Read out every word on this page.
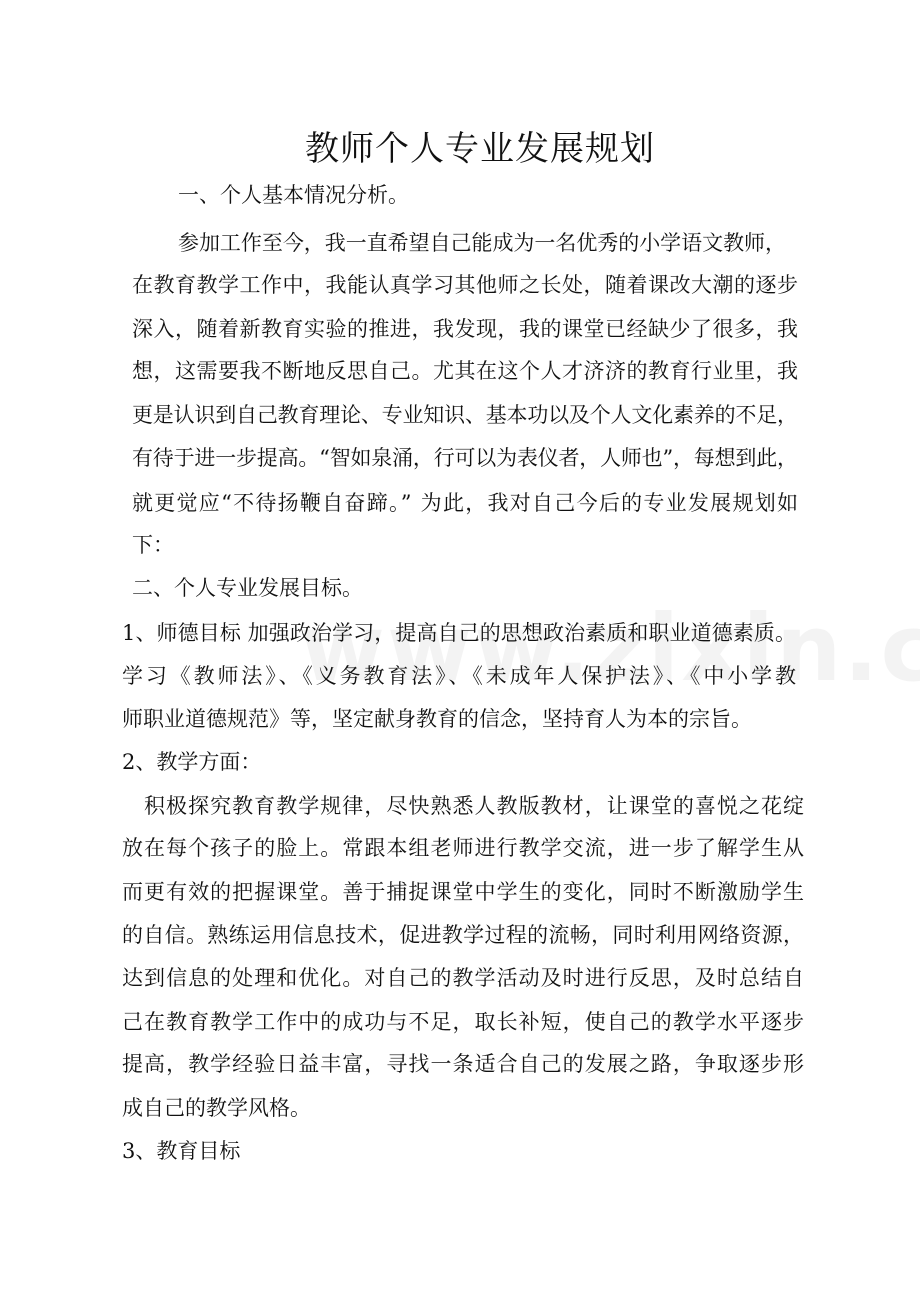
教师个人专业发展规划
一、个人基本情况分析。
参加工作至今，我一直希望自己能成为一名优秀的小学语文教师，
在教育教学工作中，我能认真学习其他师之长处，随着课改大潮的逐步
深入，随着新教育实验的推进，我发现，我的课堂已经缺少了很多，我
想，这需要我不断地反思自己。尤其在这个人才济济的教育行业里，我
更是认识到自己教育理论、专业知识、基本功以及个人文化素养的不足，
有待于进一步提高。“智如泉涌，行可以为表仪者，人师也”，每想到此，
就更觉应“不待扬鞭自奋蹄。” 为此，我对自己今后的专业发展规划如
下：
二、个人专业发展目标。
1、师德目标 加强政治学习，提高自己的思想政治素质和职业道德素质。
学习《教师法》、《义务教育法》、《未成年人保护法》、《中小学教
师职业道德规范》等，坚定献身教育的信念，坚持育人为本的宗旨。
2、教学方面：
积极探究教育教学规律，尽快熟悉人教版教材，让课堂的喜悦之花绽
放在每个孩子的脸上。常跟本组老师进行教学交流，进一步了解学生从
而更有效的把握课堂。善于捕捉课堂中学生的变化，同时不断激励学生
的自信。熟练运用信息技术，促进教学过程的流畅，同时利用网络资源，
达到信息的处理和优化。对自己的教学活动及时进行反思，及时总结自
己在教育教学工作中的成功与不足，取长补短，使自己的教学水平逐步
提高，教学经验日益丰富，寻找一条适合自己的发展之路，争取逐步形
成自己的教学风格。
3、教育目标
